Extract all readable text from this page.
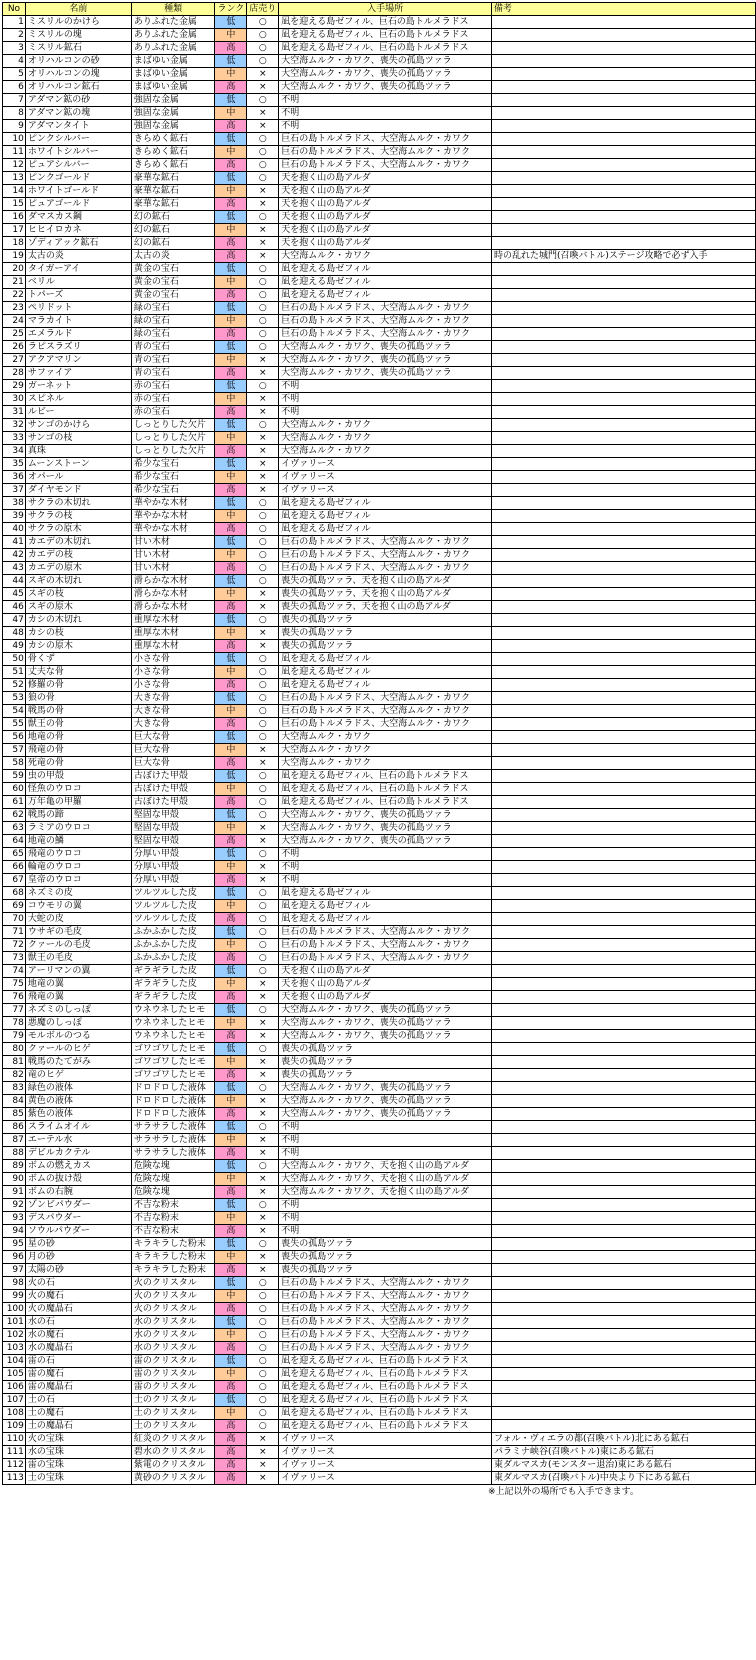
No	名前	種類	ランク	店売り	入手場所	備考
1	ミスリルのかけら	ありふれた金属	低	○	凪を迎える島ゼフィル、巨石の島トルメラドス	
2	ミスリルの塊	ありふれた金属	中	○	凪を迎える島ゼフィル、巨石の島トルメラドス	
3	ミスリル鉱石	ありふれた金属	高	○	凪を迎える島ゼフィル、巨石の島トルメラドス	
4	オリハルコンの砂	まばゆい金属	低	○	大空海ムルク・カワク、喪失の孤島ツァラ	
5	オリハルコンの塊	まばゆい金属	中	×	大空海ムルク・カワク、喪失の孤島ツァラ	
6	オリハルコン鉱石	まばゆい金属	高	×	大空海ムルク・カワク、喪失の孤島ツァラ	
7	アダマン鉱の砂	強固な金属	低	○	不明	
8	アダマン鉱の塊	強固な金属	中	×	不明	
9	アダマンタイト	強固な金属	高	×	不明	
10	ピンクシルバー	きらめく鉱石	低	○	巨石の島トルメラドス、大空海ムルク・カワク	
11	ホワイトシルバー	きらめく鉱石	中	○	巨石の島トルメラドス、大空海ムルク・カワク	
12	ピュアシルバー	きらめく鉱石	高	○	巨石の島トルメラドス、大空海ムルク・カワク	
13	ピンクゴールド	豪華な鉱石	低	○	天を抱く山の島アルダ	
14	ホワイトゴールド	豪華な鉱石	中	×	天を抱く山の島アルダ	
15	ピュアゴールド	豪華な鉱石	高	×	天を抱く山の島アルダ	
16	ダマスカス鋼	幻の鉱石	低	○	天を抱く山の島アルダ	
17	ヒヒイロカネ	幻の鉱石	中	×	天を抱く山の島アルダ	
18	ゾディアック鉱石	幻の鉱石	高	×	天を抱く山の島アルダ	
19	太古の炎	太古の炎	高	×	大空海ムルク・カワク	時の乱れた城門(召喚バトル)ステージ攻略で必ず入手
20	タイガーアイ	黄金の宝石	低	○	凪を迎える島ゼフィル	
21	ベリル	黄金の宝石	中	○	凪を迎える島ゼフィル	
22	トパーズ	黄金の宝石	高	○	凪を迎える島ゼフィル	
23	ペリドット	緑の宝石	低	○	巨石の島トルメラドス、大空海ムルク・カワク	
24	マラカイト	緑の宝石	中	○	巨石の島トルメラドス、大空海ムルク・カワク	
25	エメラルド	緑の宝石	高	○	巨石の島トルメラドス、大空海ムルク・カワク	
26	ラピスラズリ	青の宝石	低	○	大空海ムルク・カワク、喪失の孤島ツァラ	
27	アクアマリン	青の宝石	中	×	大空海ムルク・カワク、喪失の孤島ツァラ	
28	サファイア	青の宝石	高	×	大空海ムルク・カワク、喪失の孤島ツァラ	
29	ガーネット	赤の宝石	低	○	不明	
30	スピネル	赤の宝石	中	×	不明	
31	ルビー	赤の宝石	高	×	不明	
32	サンゴのかけら	しっとりした欠片	低	○	大空海ムルク・カワク	
33	サンゴの枝	しっとりした欠片	中	×	大空海ムルク・カワク	
34	真珠	しっとりした欠片	高	×	大空海ムルク・カワク	
35	ムーンストーン	希少な宝石	低	×	イヴァリース	
36	オパール	希少な宝石	中	×	イヴァリース	
37	ダイヤモンド	希少な宝石	高	×	イヴァリース	
38	サクラの木切れ	華やかな木材	低	○	凪を迎える島ゼフィル	
39	サクラの枝	華やかな木材	中	○	凪を迎える島ゼフィル	
40	サクラの原木	華やかな木材	高	○	凪を迎える島ゼフィル	
41	カエデの木切れ	甘い木材	低	○	巨石の島トルメラドス、大空海ムルク・カワク	
42	カエデの枝	甘い木材	中	○	巨石の島トルメラドス、大空海ムルク・カワク	
43	カエデの原木	甘い木材	高	○	巨石の島トルメラドス、大空海ムルク・カワク	
44	スギの木切れ	滑らかな木材	低	○	喪失の孤島ツァラ、天を抱く山の島アルダ	
45	スギの枝	滑らかな木材	中	×	喪失の孤島ツァラ、天を抱く山の島アルダ	
46	スギの原木	滑らかな木材	高	×	喪失の孤島ツァラ、天を抱く山の島アルダ	
47	カシの木切れ	重厚な木材	低	○	喪失の孤島ツァラ	
48	カシの枝	重厚な木材	中	×	喪失の孤島ツァラ	
49	カシの原木	重厚な木材	高	×	喪失の孤島ツァラ	
50	骨くず	小さな骨	低	○	凪を迎える島ゼフィル	
51	丈夫な骨	小さな骨	中	○	凪を迎える島ゼフィル	
52	修羅の骨	小さな骨	高	○	凪を迎える島ゼフィル	
53	狼の骨	大きな骨	低	○	巨石の島トルメラドス、大空海ムルク・カワク	
54	戦馬の骨	大きな骨	中	○	巨石の島トルメラドス、大空海ムルク・カワク	
55	獣王の骨	大きな骨	高	○	巨石の島トルメラドス、大空海ムルク・カワク	
56	地竜の骨	巨大な骨	低	○	大空海ムルク・カワク	
57	飛竜の骨	巨大な骨	中	×	大空海ムルク・カワク	
58	死竜の骨	巨大な骨	高	×	大空海ムルク・カワク	
59	虫の甲殻	古ぼけた甲殻	低	○	凪を迎える島ゼフィル、巨石の島トルメラドス	
60	怪魚のウロコ	古ぼけた甲殻	中	○	凪を迎える島ゼフィル、巨石の島トルメラドス	
61	万年亀の甲羅	古ぼけた甲殻	高	○	凪を迎える島ゼフィル、巨石の島トルメラドス	
62	戦馬の蹄	堅固な甲殻	低	○	大空海ムルク・カワク、喪失の孤島ツァラ	
63	ラミアのウロコ	堅固な甲殻	中	×	大空海ムルク・カワク、喪失の孤島ツァラ	
64	地竜の鱗	堅固な甲殻	高	×	大空海ムルク・カワク、喪失の孤島ツァラ	
65	飛竜のウロコ	分厚い甲殻	低	○	不明	
66	輪竜のウロコ	分厚い甲殻	中	×	不明	
67	皇帝のウロコ	分厚い甲殻	高	×	不明	
68	ネズミの皮	ツルツルした皮	低	○	凪を迎える島ゼフィル	
69	コウモリの翼	ツルツルした皮	中	○	凪を迎える島ゼフィル	
70	大蛇の皮	ツルツルした皮	高	○	凪を迎える島ゼフィル	
71	ウサギの毛皮	ふかふかした皮	低	○	巨石の島トルメラドス、大空海ムルク・カワク	
72	クァールの毛皮	ふかふかした皮	中	○	巨石の島トルメラドス、大空海ムルク・カワク	
73	獣王の毛皮	ふかふかした皮	高	○	巨石の島トルメラドス、大空海ムルク・カワク	
74	アーリマンの翼	ギラギラした皮	低	○	天を抱く山の島アルダ	
75	地竜の翼	ギラギラした皮	中	×	天を抱く山の島アルダ	
76	飛竜の翼	ギラギラした皮	高	×	天を抱く山の島アルダ	
77	ネズミのしっぽ	ウネウネしたヒモ	低	○	大空海ムルク・カワク、喪失の孤島ツァラ	
78	悪魔のしっぽ	ウネウネしたヒモ	中	×	大空海ムルク・カワク、喪失の孤島ツァラ	
79	モルボルのつる	ウネウネしたヒモ	高	×	大空海ムルク・カワク、喪失の孤島ツァラ	
80	クァールのヒゲ	ゴワゴワしたヒモ	低	○	喪失の孤島ツァラ	
81	戦馬のたてがみ	ゴワゴワしたヒモ	中	×	喪失の孤島ツァラ	
82	竜のヒゲ	ゴワゴワしたヒモ	高	×	喪失の孤島ツァラ	
83	緑色の液体	ドロドロした液体	低	○	大空海ムルク・カワク、喪失の孤島ツァラ	
84	黄色の液体	ドロドロした液体	中	×	大空海ムルク・カワク、喪失の孤島ツァラ	
85	紫色の液体	ドロドロした液体	高	×	大空海ムルク・カワク、喪失の孤島ツァラ	
86	スライムオイル	サラサラした液体	低	○	不明	
87	エーテル水	サラサラした液体	中	×	不明	
88	デビルカクテル	サラサラした液体	高	×	不明	
89	ボムの燃えカス	危険な塊	低	○	大空海ムルク・カワク、天を抱く山の島アルダ	
90	ボムの抜け殻	危険な塊	中	×	大空海ムルク・カワク、天を抱く山の島アルダ	
91	ボムの右腕	危険な塊	高	×	大空海ムルク・カワク、天を抱く山の島アルダ	
92	ゾンビパウダー	不吉な粉末	低	○	不明	
93	デスパウダー	不吉な粉末	中	×	不明	
94	ソウルパウダー	不吉な粉末	高	×	不明	
95	星の砂	キラキラした粉末	低	○	喪失の孤島ツァラ	
96	月の砂	キラキラした粉末	中	×	喪失の孤島ツァラ	
97	太陽の砂	キラキラした粉末	高	×	喪失の孤島ツァラ	
98	火の石	火のクリスタル	低	○	巨石の島トルメラドス、大空海ムルク・カワク	
99	火の魔石	火のクリスタル	中	○	巨石の島トルメラドス、大空海ムルク・カワク	
100	火の魔晶石	火のクリスタル	高	○	巨石の島トルメラドス、大空海ムルク・カワク	
101	水の石	水のクリスタル	低	○	巨石の島トルメラドス、大空海ムルク・カワク	
102	水の魔石	水のクリスタル	中	○	巨石の島トルメラドス、大空海ムルク・カワク	
103	水の魔晶石	水のクリスタル	高	○	巨石の島トルメラドス、大空海ムルク・カワク	
104	雷の石	雷のクリスタル	低	○	凪を迎える島ゼフィル、巨石の島トルメラドス	
105	雷の魔石	雷のクリスタル	中	○	凪を迎える島ゼフィル、巨石の島トルメラドス	
106	雷の魔晶石	雷のクリスタル	高	○	凪を迎える島ゼフィル、巨石の島トルメラドス	
107	土の石	土のクリスタル	低	○	凪を迎える島ゼフィル、巨石の島トルメラドス	
108	土の魔石	土のクリスタル	中	○	凪を迎える島ゼフィル、巨石の島トルメラドス	
109	土の魔晶石	土のクリスタル	高	○	凪を迎える島ゼフィル、巨石の島トルメラドス	
110	火の宝珠	紅炎のクリスタル	高	×	イヴァリース	フォル・ヴィエラの都(召喚バトル)北にある鉱石
111	水の宝珠	碧水のクリスタル	高	×	イヴァリース	パラミナ峡谷(召喚バトル)東にある鉱石
112	雷の宝珠	紫電のクリスタル	高	×	イヴァリース	東ダルマスカ(モンスター退治)東にある鉱石
113	土の宝珠	黄砂のクリスタル	高	×	イヴァリース	東ダルマスカ(召喚バトル)中央より下にある鉱石
※上記以外の場所でも入手できます。
